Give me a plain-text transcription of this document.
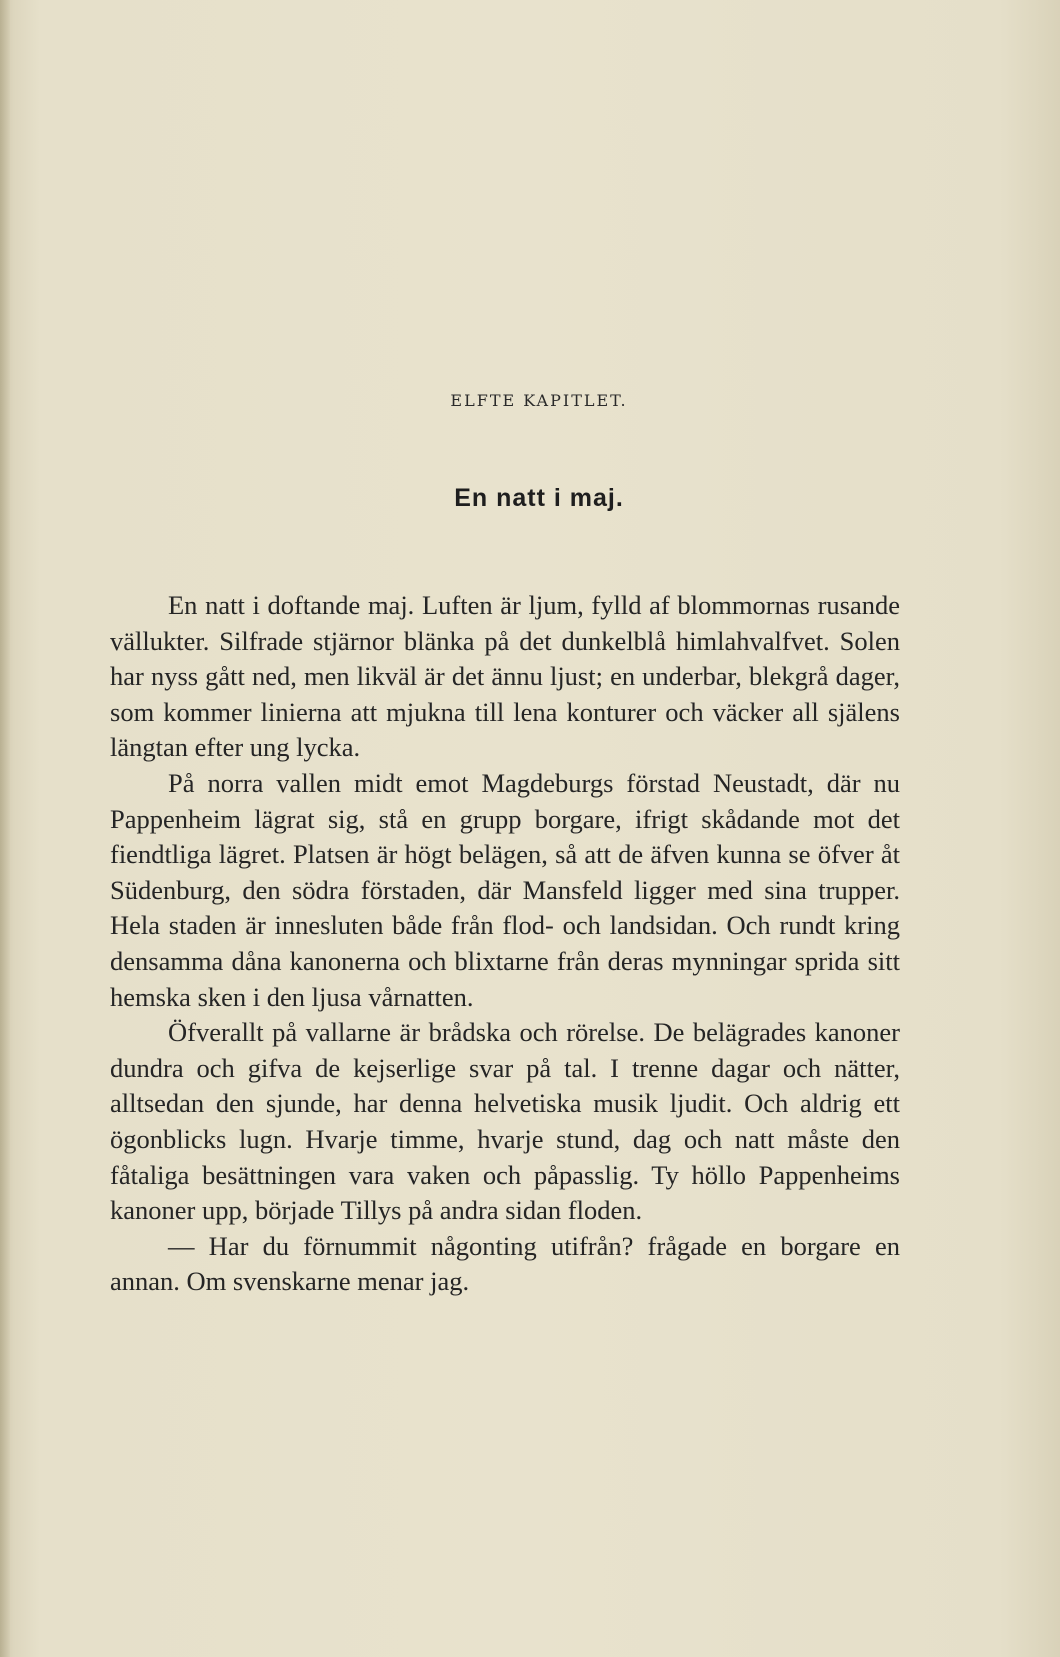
ELFTE KAPITLET.
En natt i maj.

En natt i doftande maj. Luften är ljum, fylld af blommornas rusande vällukter. Silfrade stjärnor blänka på det dunkelblå himlahvalfvet. Solen har nyss gått ned, men likväl är det ännu ljust; en underbar, blekgrå dager, som kommer linierna att mjukna till lena konturer och väcker all själens längtan efter ung lycka.

På norra vallen midt emot Magdeburgs förstad Neustadt, där nu Pappenheim lägrat sig, stå en grupp borgare, ifrigt skådande mot det fiendtliga lägret. Platsen är högt belägen, så att de äfven kunna se öfver åt Südenburg, den södra förstaden, där Mansfeld ligger med sina trupper. Hela staden är innesluten både från flod- och landsidan. Och rundt kring densamma dåna kanonerna och blixtarne från deras mynningar sprida sitt hemska sken i den ljusa vårnatten.

Öfverallt på vallarne är brådska och rörelse. De belägrades kanoner dundra och gifva de kejserlige svar på tal. I trenne dagar och nätter, alltsedan den sjunde, har denna helvetiska musik ljudit. Och aldrig ett ögonblicks lugn. Hvarje timme, hvarje stund, dag och natt måste den fåtaliga besättningen vara vaken och påpasslig. Ty höllo Pappenheims kanoner upp, började Tillys på andra sidan floden.

— Har du förnummit någonting utifrån? frågade en borgare en annan. Om svenskarne menar jag.
